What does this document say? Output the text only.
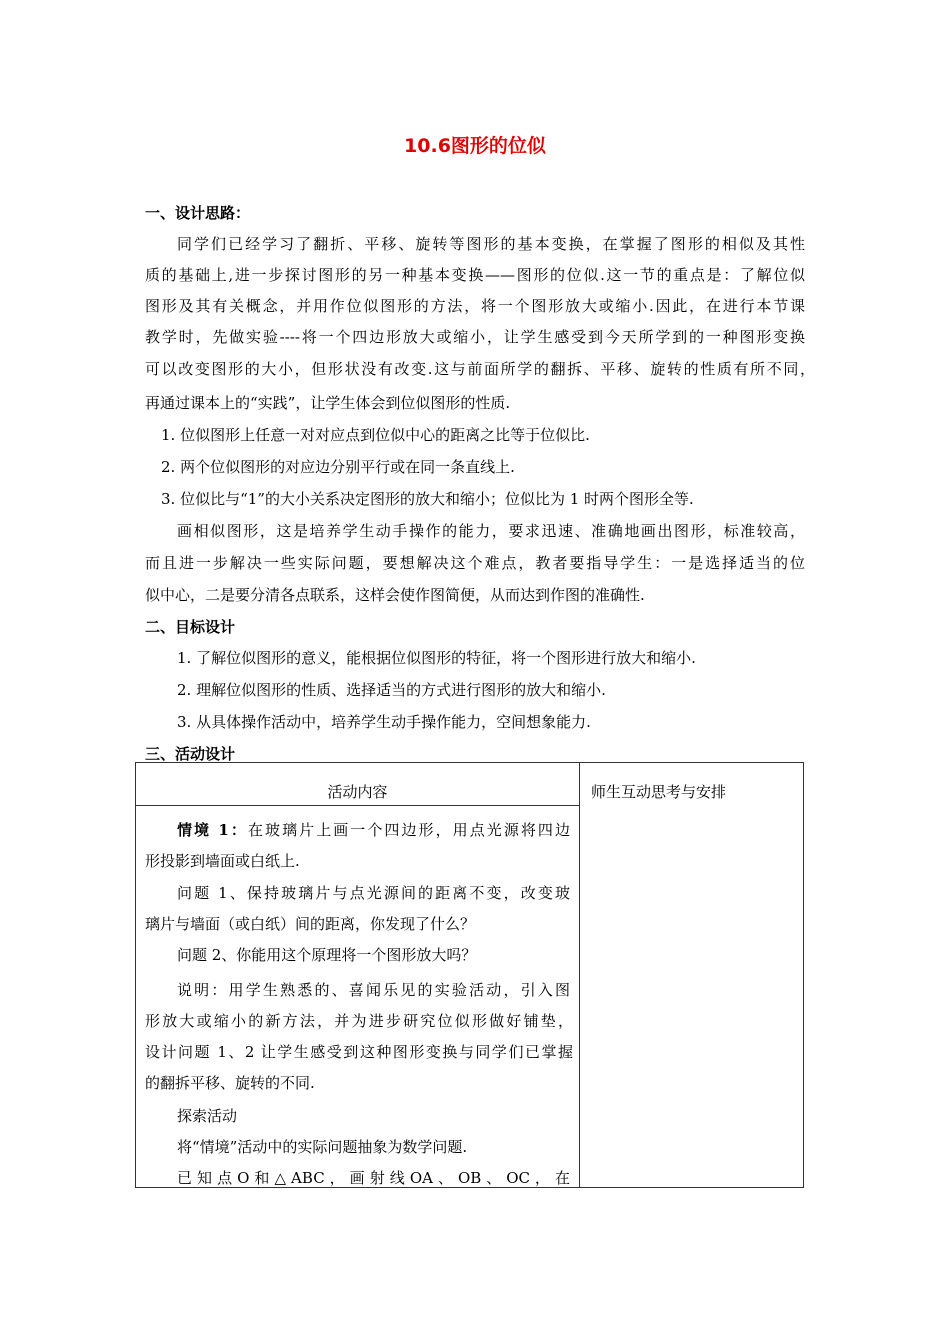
10.6图形的位似
一、设计思路：
同学们已经学习了翻折、平移、旋转等图形的基本变换，在掌握了图形的相似及其性
质的基础上,进一步探讨图形的另一种基本变换——图形的位似.这一节的重点是：了解位似
图形及其有关概念，并用作位似图形的方法，将一个图形放大或缩小.因此，在进行本节课
教学时，先做实验----将一个四边形放大或缩小，让学生感受到今天所学到的一种图形变换
可以改变图形的大小，但形状没有改变.这与前面所学的翻拆、平移、旋转的性质有所不同，
再通过课本上的“实践”，让学生体会到位似图形的性质.
1. 位似图形上任意一对对应点到位似中心的距离之比等于位似比.
2. 两个位似图形的对应边分别平行或在同一条直线上.
3. 位似比与“1”的大小关系决定图形的放大和缩小；位似比为 1 时两个图形全等.
画相似图形，这是培养学生动手操作的能力，要求迅速、准确地画出图形，标准较高，
而且进一步解决一些实际问题，要想解决这个难点，教者要指导学生：一是选择适当的位
似中心，二是要分清各点联系，这样会使作图简便，从而达到作图的准确性.
二、目标设计
1. 了解位似图形的意义，能根据位似图形的特征，将一个图形进行放大和缩小.
2. 理解位似图形的性质、选择适当的方式进行图形的放大和缩小.
3. 从具体操作活动中，培养学生动手操作能力，空间想象能力.
三、活动设计
活动内容	师生互动思考与安排
情境 1：在玻璃片上画一个四边形，用点光源将四边
形投影到墙面或白纸上.
问题 1、保持玻璃片与点光源间的距离不变，改变玻
璃片与墙面（或白纸）间的距离，你发现了什么？
问题 2、你能用这个原理将一个图形放大吗？
说明：用学生熟悉的、喜闻乐见的实验活动，引入图
形放大或缩小的新方法，并为进步研究位似形做好铺垫，
设计问题 1、2 让学生感受到这种图形变换与同学们已掌握
的翻拆平移、旋转的不同.
探索活动
将“情境”活动中的实际问题抽象为数学问题.
已 知 点 O 和 △ ABC ， 画 射 线 OA 、 OB 、 OC ， 在
